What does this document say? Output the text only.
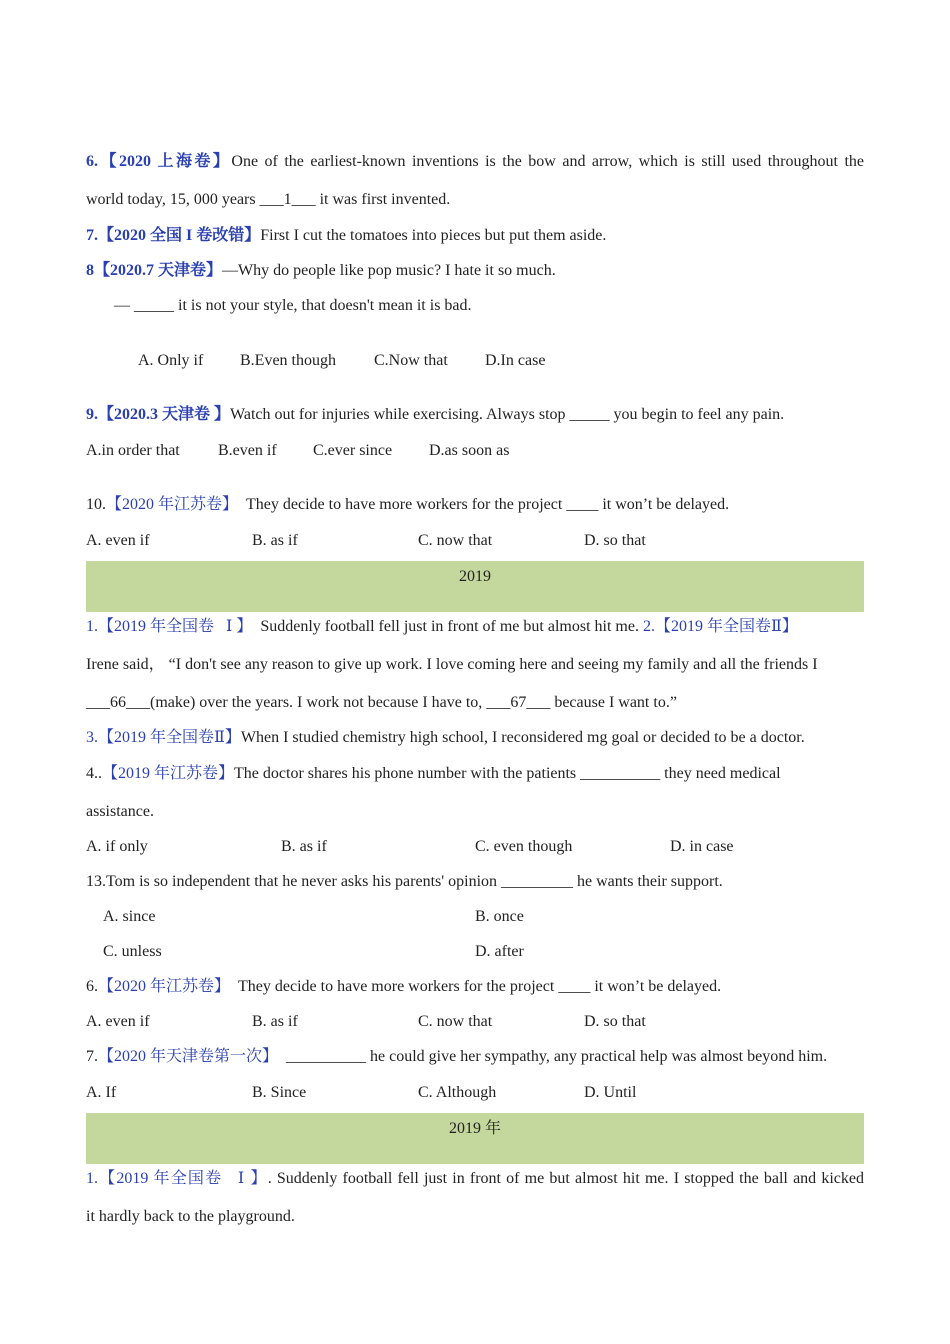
6.【2020 上海卷】One of the earliest-known inventions is the bow and arrow, which is still used throughout the
world today, 15, 000 years ___1___ it was first invented.
7.【2020 全国 I 卷改错】First I cut the tomatoes into pieces but put them aside.
8【2020.7 天津卷】—Why do people like pop music? I hate it so much.
— _____ it is not your style, that doesn't mean it is bad.
A. Only if B.Even though C.Now that D.In case
9.【2020.3 天津卷 】Watch out for injuries while exercising. Always stop _____ you begin to feel any pain.
A.in order that B.even if C.ever since D.as soon as
10.【2020 年江苏卷】  They decide to have more workers for the project ____ it won’t be delayed.
A. even if	B. as if	C. now that	D. so that
2019
1.【2019 年全国卷   Ⅰ 】  Suddenly football fell just in front of me but almost hit me. 2.【2019 年全国卷Ⅱ】
Irene said， “I don't see any reason to give up work. I love coming here and seeing my family and all the friends I
___66___(make) over the years. I work not because I have to, ___67___ because I want to.”
3.【2019 年全国卷Ⅱ】When I studied chemistry high school, I reconsidered mg goal or decided to be a doctor.
4..【2019 年江苏卷】The doctor shares his phone number with the patients __________ they need medical
assistance.
A. if only	B. as if	C. even though	D. in case
13.Tom is so independent that he never asks his parents' opinion _________ he wants their support.
A. since	B. once
C. unless	D. after
6.【2020 年江苏卷】  They decide to have more workers for the project ____ it won’t be delayed.
A. even if	B. as if	C. now that	D. so that
7.【2020 年天津卷第一次】  __________ he could give her sympathy, any practical help was almost beyond him.
A. If	B. Since	C. Although	D. Until
2019 年
1.【2019 年全国卷   Ⅰ 】. Suddenly football fell just in front of me but almost hit me. I stopped the ball and kicked
it hardly back to the playground.
